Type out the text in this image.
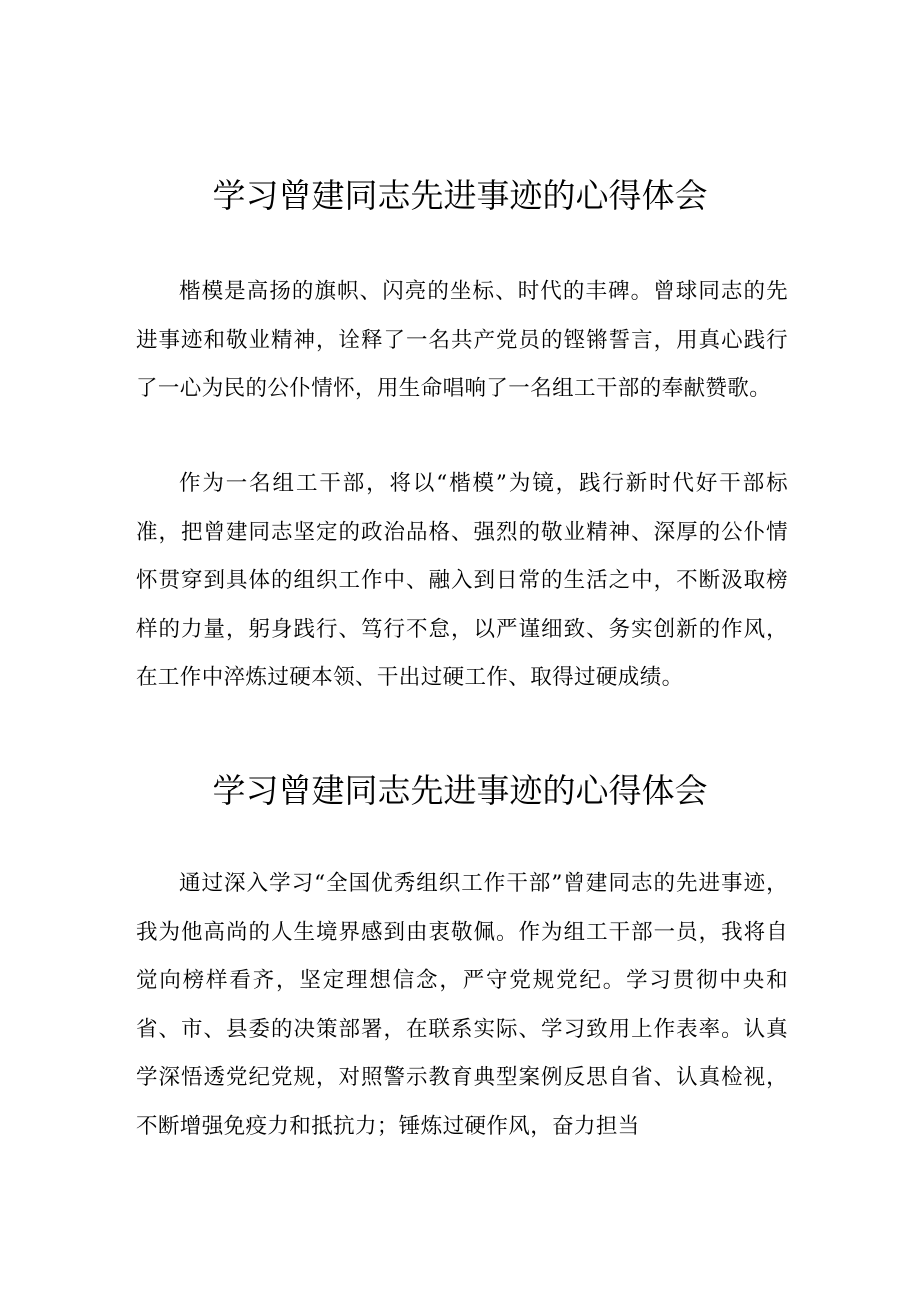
学习曾建同志先进事迹的心得体会

楷模是高扬的旗帜、闪亮的坐标、时代的丰碑。曾球同志的先进事迹和敬业精神，诠释了一名共产党员的铿锵誓言，用真心践行了一心为民的公仆情怀，用生命唱响了一名组工干部的奉献赞歌。

作为一名组工干部，将以“楷模”为镜，践行新时代好干部标准，把曾建同志坚定的政治品格、强烈的敬业精神、深厚的公仆情怀贯穿到具体的组织工作中、融入到日常的生活之中，不断汲取榜样的力量，躬身践行、笃行不怠，以严谨细致、务实创新的作风，在工作中淬炼过硬本领、干出过硬工作、取得过硬成绩。

学习曾建同志先进事迹的心得体会

通过深入学习“全国优秀组织工作干部”曾建同志的先进事迹，我为他高尚的人生境界感到由衷敬佩。作为组工干部一员，我将自觉向榜样看齐，坚定理想信念，严守党规党纪。学习贯彻中央和省、市、县委的决策部署，在联系实际、学习致用上作表率。认真学深悟透党纪党规，对照警示教育典型案例反思自省、认真检视，不断增强免疫力和抵抗力；锤炼过硬作风，奋力担当
